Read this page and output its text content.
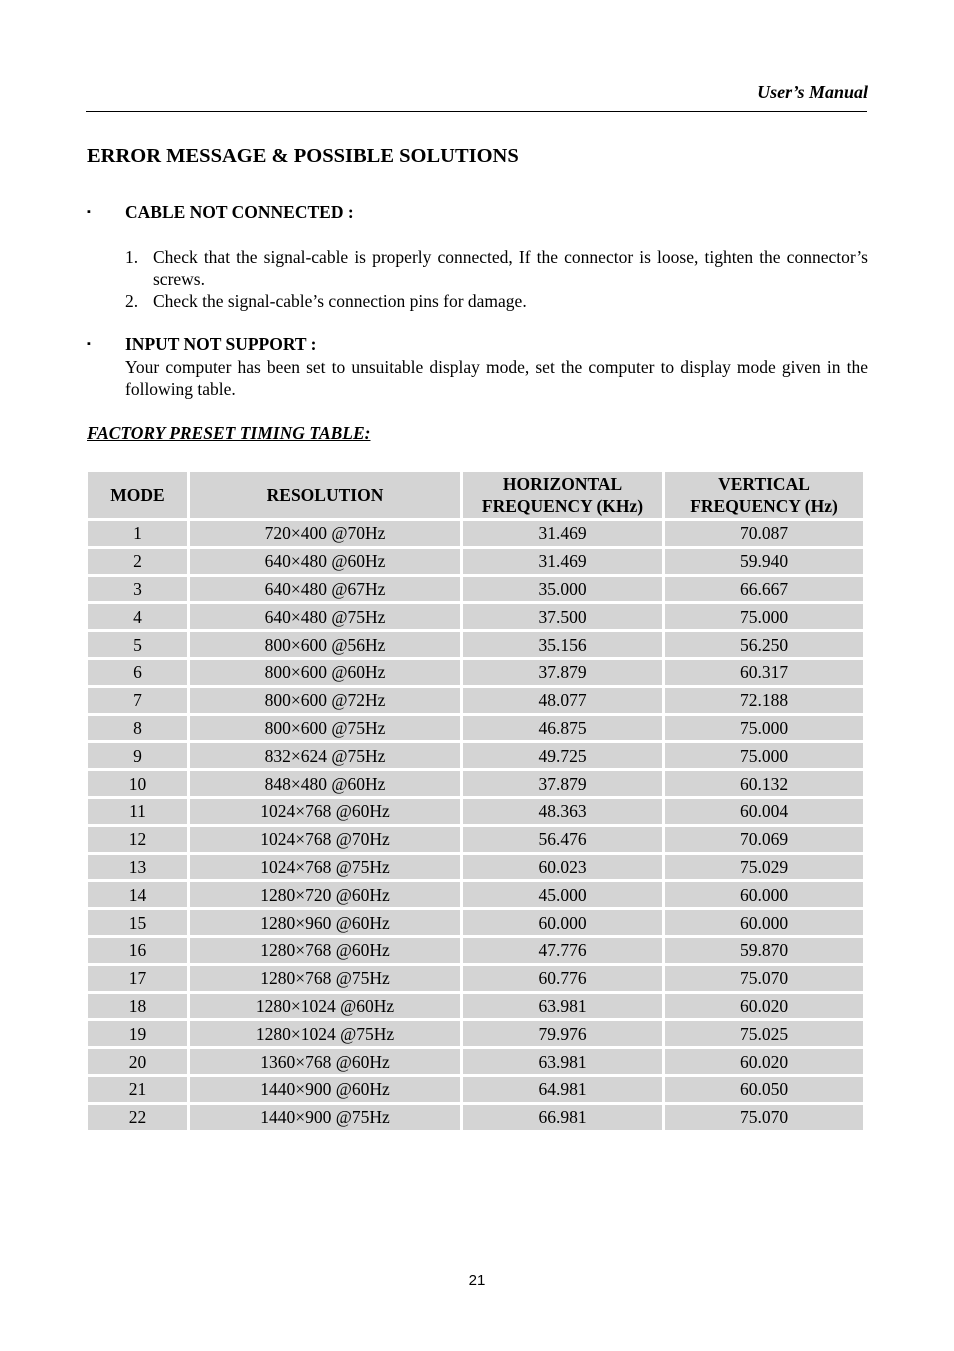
User’s Manual
ERROR MESSAGE & POSSIBLE SOLUTIONS
▪ CABLE NOT CONNECTED :
1. Check that the signal-cable is properly connected, If the connector is loose, tighten the connector’s screws.
2. Check the signal-cable’s connection pins for damage.
▪ INPUT NOT SUPPORT :
Your computer has been set to unsuitable display mode, set the computer to display mode given in the following table.
FACTORY PRESET TIMING TABLE:
MODE	RESOLUTION	HORIZONTAL FREQUENCY (KHz)	VERTICAL FREQUENCY (Hz)
1	720×400 @70Hz	31.469	70.087
2	640×480 @60Hz	31.469	59.940
3	640×480 @67Hz	35.000	66.667
4	640×480 @75Hz	37.500	75.000
5	800×600 @56Hz	35.156	56.250
6	800×600 @60Hz	37.879	60.317
7	800×600 @72Hz	48.077	72.188
8	800×600 @75Hz	46.875	75.000
9	832×624 @75Hz	49.725	75.000
10	848×480 @60Hz	37.879	60.132
11	1024×768 @60Hz	48.363	60.004
12	1024×768 @70Hz	56.476	70.069
13	1024×768 @75Hz	60.023	75.029
14	1280×720 @60Hz	45.000	60.000
15	1280×960 @60Hz	60.000	60.000
16	1280×768 @60Hz	47.776	59.870
17	1280×768 @75Hz	60.776	75.070
18	1280×1024 @60Hz	63.981	60.020
19	1280×1024 @75Hz	79.976	75.025
20	1360×768 @60Hz	63.981	60.020
21	1440×900 @60Hz	64.981	60.050
22	1440×900 @75Hz	66.981	75.070
21
